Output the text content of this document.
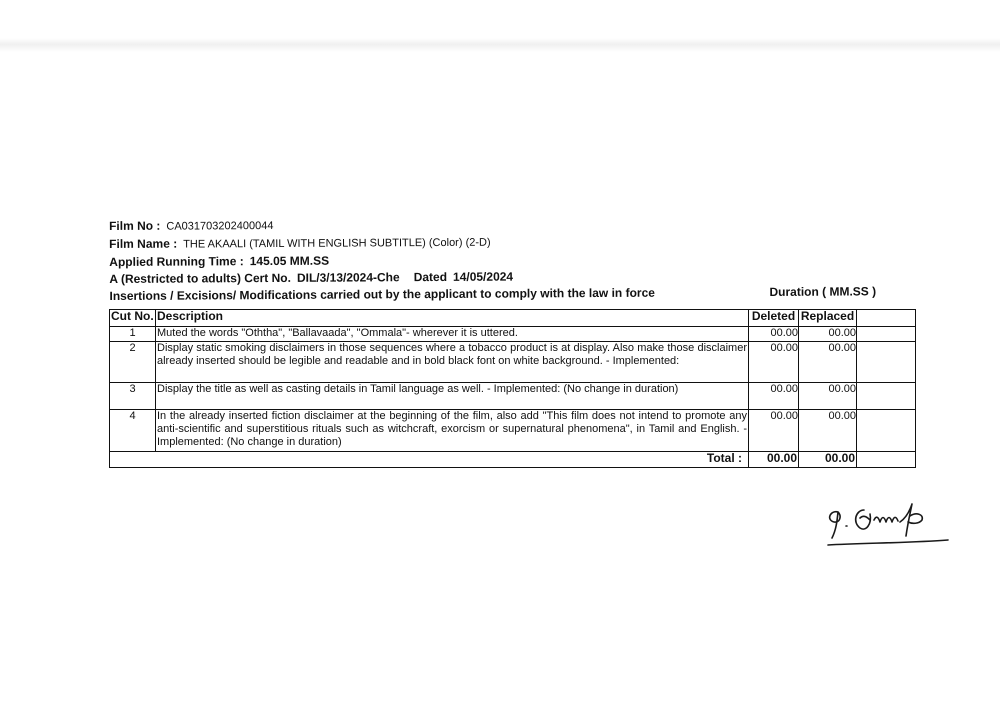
Film No : CA031703202400044
Film Name : THE AKAALI (TAMIL WITH ENGLISH SUBTITLE) (Color) (2-D)
Applied Running Time : 145.05 MM.SS
A (Restricted to adults) Cert No. DIL/3/13/2024-Che Dated 14/05/2024
Insertions / Excisions/ Modifications carried out by the applicant to comply with the law in force	Duration ( MM.SS )
Cut No.	Description	Deleted	Replaced	
1	Muted the words "Oththa", "Ballavaada", "Ommala"- wherever it is uttered.	00.00	00.00	
2	Display static smoking disclaimers in those sequences where a tobacco product is at display. Also make those disclaimer already inserted should be legible and readable and in bold black font on white background. - Implemented:	00.00	00.00	
3	Display the title as well as casting details in Tamil language as well. - Implemented: (No change in duration)	00.00	00.00	
4	In the already inserted fiction disclaimer at the beginning of the film, also add "This film does not intend to promote any anti-scientific and superstitious rituals such as witchcraft, exorcism or supernatural phenomena", in Tamil and English. - Implemented: (No change in duration)	00.00	00.00	
Total :		00.00	00.00	
